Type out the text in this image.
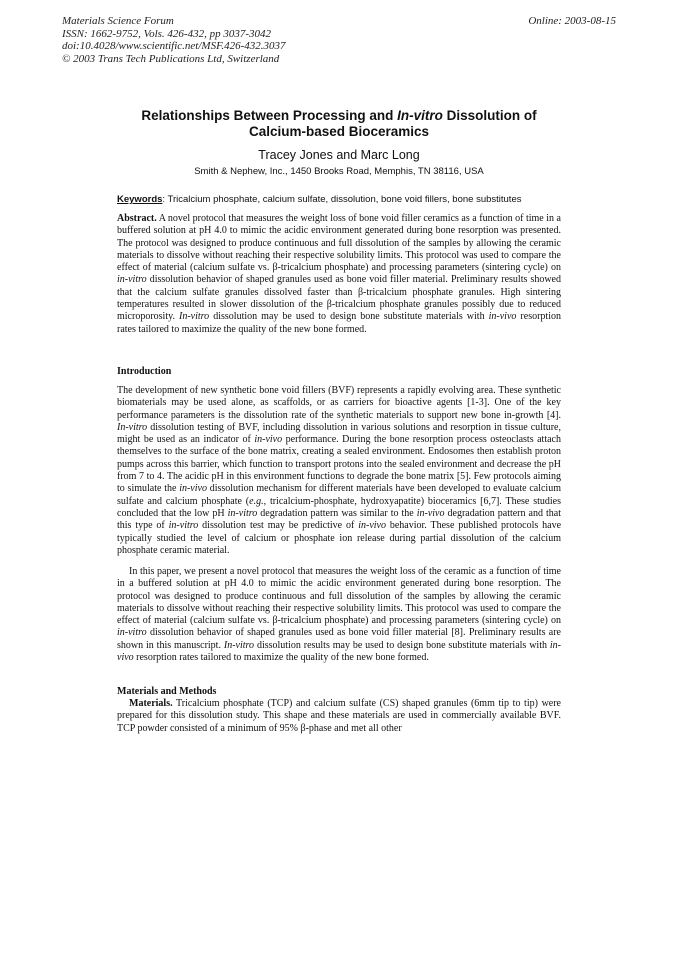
Materials Science Forum
ISSN: 1662-9752, Vols. 426-432, pp 3037-3042
doi:10.4028/www.scientific.net/MSF.426-432.3037
© 2003 Trans Tech Publications Ltd, Switzerland
Online: 2003-08-15
Relationships Between Processing and In-vitro Dissolution of
Calcium-based Bioceramics
Tracey Jones and Marc Long
Smith & Nephew, Inc., 1450 Brooks Road, Memphis, TN 38116, USA
Keywords: Tricalcium phosphate, calcium sulfate, dissolution, bone void fillers, bone substitutes

Abstract. A novel protocol that measures the weight loss of bone void filler ceramics as a function of time in a buffered solution at pH 4.0 to mimic the acidic environment generated during bone resorption was presented. The protocol was designed to produce continuous and full dissolution of the samples by allowing the ceramic materials to dissolve without reaching their respective solubility limits. This protocol was used to compare the effect of material (calcium sulfate vs. β-tricalcium phosphate) and processing parameters (sintering cycle) on in-vitro dissolution behavior of shaped granules used as bone void filler material. Preliminary results showed that the calcium sulfate granules dissolved faster than β-tricalcium phosphate granules. High sintering temperatures resulted in slower dissolution of the β-tricalcium phosphate granules possibly due to reduced microporosity. In-vitro dissolution may be used to design bone substitute materials with in-vivo resorption rates tailored to maximize the quality of the new bone formed.

Introduction

The development of new synthetic bone void fillers (BVF) represents a rapidly evolving area. These synthetic biomaterials may be used alone, as scaffolds, or as carriers for bioactive agents [1-3]. One of the key performance parameters is the dissolution rate of the synthetic materials to support new bone in-growth [4]. In-vitro dissolution testing of BVF, including dissolution in various solutions and resorption in tissue culture, might be used as an indicator of in-vivo performance. During the bone resorption process osteoclasts attach themselves to the surface of the bone matrix, creating a sealed environment. Endosomes then establish proton pumps across this barrier, which function to transport protons into the sealed environment and decrease the pH from 7 to 4. The acidic pH in this environment functions to degrade the bone matrix [5]. Few protocols aiming to simulate the in-vivo dissolution mechanism for different materials have been developed to evaluate calcium sulfate and calcium phosphate (e.g., tricalcium-phosphate, hydroxyapatite) bioceramics [6,7]. These studies concluded that the low pH in-vitro degradation pattern was similar to the in-vivo degradation pattern and that this type of in-vitro dissolution test may be predictive of in-vivo behavior. These published protocols have typically studied the level of calcium or phosphate ion release during partial dissolution of the calcium phosphate ceramic material.

In this paper, we present a novel protocol that measures the weight loss of the ceramic as a function of time in a buffered solution at pH 4.0 to mimic the acidic environment generated during bone resorption. The protocol was designed to produce continuous and full dissolution of the samples by allowing the ceramic materials to dissolve without reaching their respective solubility limits. This protocol was used to compare the effect of material (calcium sulfate vs. β-tricalcium phosphate) and processing parameters (sintering cycle) on in-vitro dissolution behavior of shaped granules used as bone void filler material [8]. Preliminary results are shown in this manuscript. In-vitro dissolution results may be used to design bone substitute materials with in-vivo resorption rates tailored to maximize the quality of the new bone formed.

Materials and Methods

Materials. Tricalcium phosphate (TCP) and calcium sulfate (CS) shaped granules (6mm tip to tip) were prepared for this dissolution study. This shape and these materials are used in commercially available BVF. TCP powder consisted of a minimum of 95% β-phase and met all other
